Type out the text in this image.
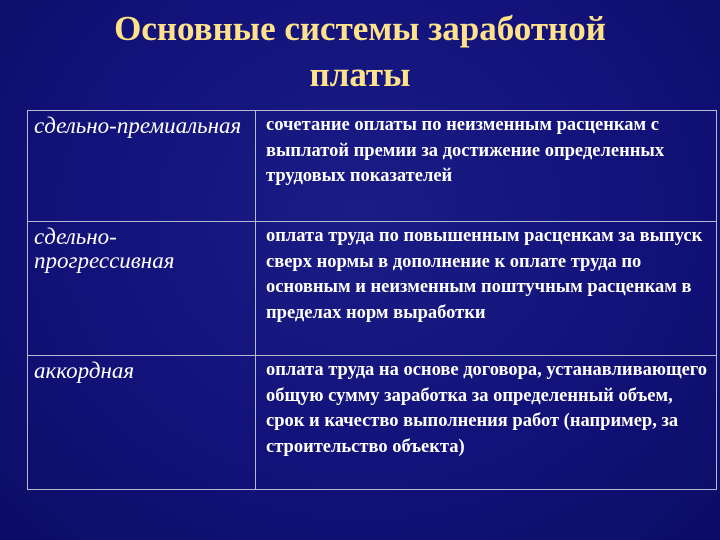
Основные системы заработной
платы
сдельно-премиальная	сочетание оплаты по неизменным расценкам с выплатой премии за достижение определенных трудовых показателей
сдельно-прогрессивная	оплата труда по повышенным расценкам за выпуск сверх нормы в дополнение к оплате труда по основным и неизменным поштучным расценкам в пределах норм выработки
аккордная	оплата труда на основе договора, устанавливающего общую сумму заработка за определенный объем, срок и качество выполнения работ (например, за строительство объекта)
